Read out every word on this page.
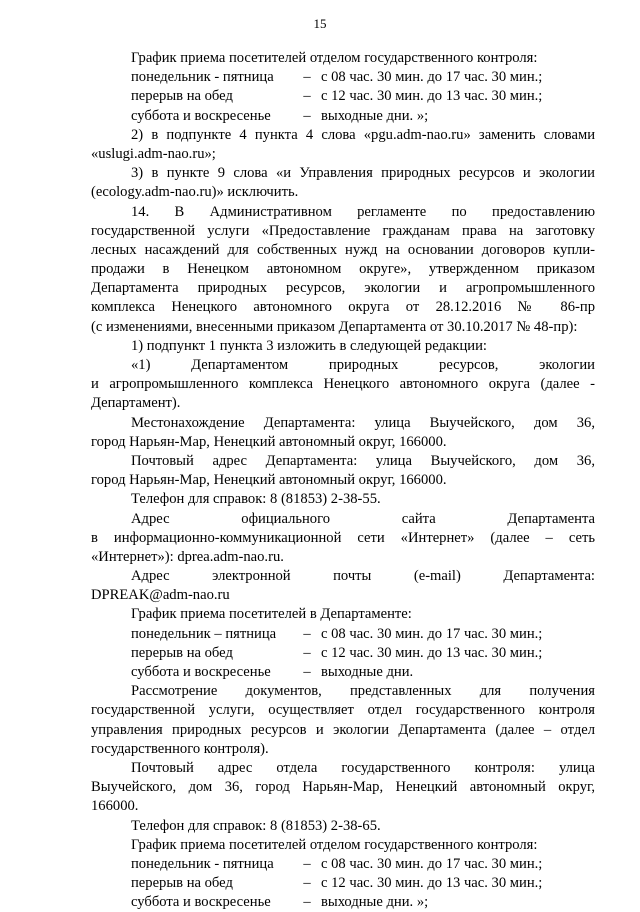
15
График приема посетителей отделом государственного контроля:
понедельник - пятница	– с 08 час. 30 мин. до 17 час. 30 мин.;
перерыв на обед	– с 12 час. 30 мин. до 13 час. 30 мин.;
суббота и воскресенье	– выходные дни. »;
2) в подпункте 4 пункта 4 слова «pgu.adm-nao.ru» заменить словами
«uslugi.adm-nao.ru»;
3) в пункте 9 слова «и Управления природных ресурсов и экологии
(ecology.adm-nao.ru)» исключить.
14. В Административном регламенте по предоставлению
государственной услуги «Предоставление гражданам права на заготовку
лесных насаждений для собственных нужд на основании договоров купли-
продажи в Ненецком автономном округе», утвержденном приказом
Департамента природных ресурсов, экологии и агропромышленного
комплекса Ненецкого автономного округа от 28.12.2016 № 86-пр
(с изменениями, внесенными приказом Департамента от 30.10.2017 № 48-пр):
1) подпункт 1 пункта 3 изложить в следующей редакции:
«1) Департаментом природных ресурсов, экологии
и агропромышленного комплекса Ненецкого автономного округа (далее -
Департамент).
Местонахождение Департамента: улица Выучейского, дом 36,
город Нарьян-Мар, Ненецкий автономный округ, 166000.
Почтовый адрес Департамента: улица Выучейского, дом 36,
город Нарьян-Мар, Ненецкий автономный округ, 166000.
Телефон для справок: 8 (81853) 2-38-55.
Адрес официального сайта Департамента
в информационно-коммуникационной сети «Интернет» (далее – сеть
«Интернет»): dprea.adm-nao.ru.
Адрес электронной почты (e-mail) Департамента:
DPREAK@adm-nao.ru
График приема посетителей в Департаменте:
понедельник – пятница	– с 08 час. 30 мин. до 17 час. 30 мин.;
перерыв на обед	– с 12 час. 30 мин. до 13 час. 30 мин.;
суббота и воскресенье	– выходные дни.
Рассмотрение документов, представленных для получения
государственной услуги, осуществляет отдел государственного контроля
управления природных ресурсов и экологии Департамента (далее – отдел
государственного контроля).
Почтовый адрес отдела государственного контроля: улица
Выучейского, дом 36, город Нарьян-Мар, Ненецкий автономный округ,
166000.
Телефон для справок: 8 (81853) 2-38-65.
График приема посетителей отделом государственного контроля:
понедельник - пятница	– с 08 час. 30 мин. до 17 час. 30 мин.;
перерыв на обед	– с 12 час. 30 мин. до 13 час. 30 мин.;
суббота и воскресенье	– выходные дни. »;
